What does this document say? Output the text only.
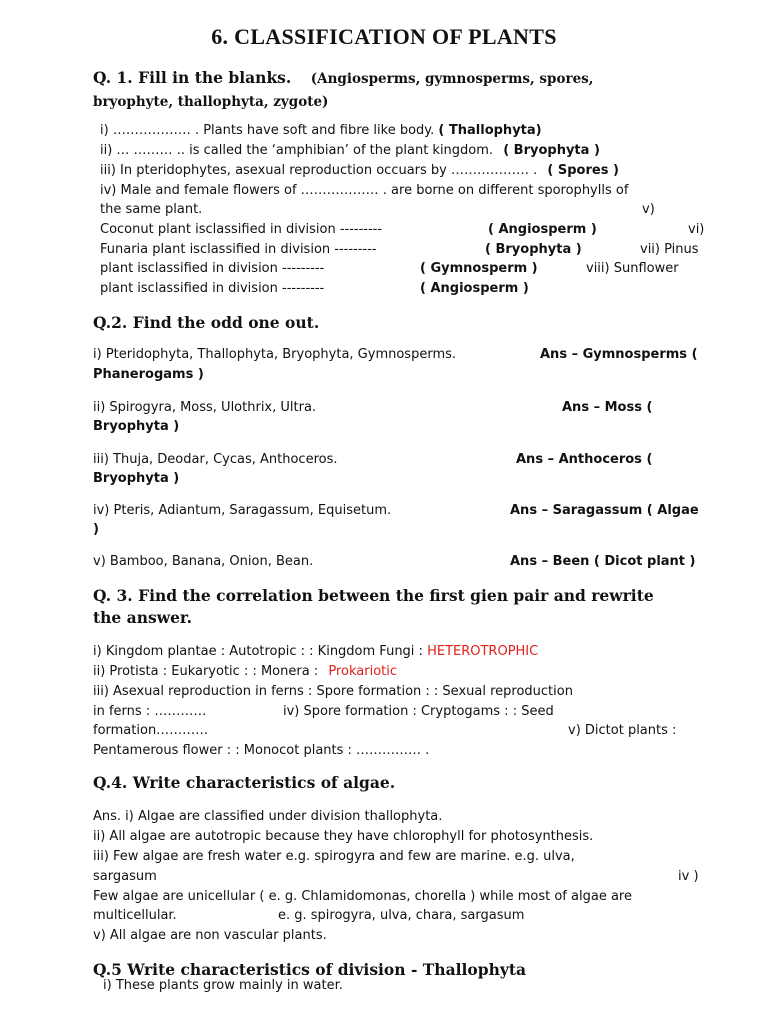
6. CLASSIFICATION OF PLANTS
Q. 1. Fill in the blanks. (Angiosperms, gymnosperms, spores,
bryophyte, thallophyta, zygote)
i) ……………… . Plants have soft and fibre like body. ( Thallophyta)
ii) … ……… .. is called the ‘amphibian’ of the plant kingdom. ( Bryophyta )
iii) In pteridophytes, asexual reproduction occuars by ……………… . ( Spores )
iv) Male and female flowers of ……………… . are borne on different sporophylls of
the same plant.	v)
Coconut plant isclassified in division ---------	( Angiosperm )	vi)
Funaria plant isclassified in division ---------	( Bryophyta )	vii) Pinus
plant isclassified in division ---------	( Gymnosperm )	viii) Sunflower
plant isclassified in division ---------	( Angiosperm )
Q.2. Find the odd one out.
i) Pteridophyta, Thallophyta, Bryophyta, Gymnosperms.	Ans – Gymnosperms (
Phanerogams )
ii) Spirogyra, Moss, Ulothrix, Ultra.	Ans – Moss (
Bryophyta )
iii) Thuja, Deodar, Cycas, Anthoceros.	Ans – Anthoceros (
Bryophyta )
iv) Pteris, Adiantum, Saragassum, Equisetum.	Ans – Saragassum ( Algae
)
v) Bamboo, Banana, Onion, Bean.	Ans – Been ( Dicot plant )
Q. 3. Find the correlation between the first gien pair and rewrite
the answer.
i) Kingdom plantae : Autotropic : : Kingdom Fungi : HETEROTROPHIC
ii) Protista : Eukaryotic : : Monera : Prokariotic
iii) Asexual reproduction in ferns : Spore formation : : Sexual reproduction
in ferns : …………	iv) Spore formation : Cryptogams : : Seed
formation…………	v) Dictot plants :
Pentamerous flower : : Monocot plants : …………… .
Q.4. Write characteristics of algae.
Ans. i) Algae are classified under division thallophyta.
ii) All algae are autotropic because they have chlorophyll for photosynthesis.
iii) Few algae are fresh water e.g. spirogyra and few are marine. e.g. ulva,
sargasum	iv )
Few algae are unicellular ( e. g. Chlamidomonas, chorella ) while most of algae are
multicellular.	e. g. spirogyra, ulva, chara, sargasum
v) All algae are non vascular plants.
Q.5 Write characteristics of division - Thallophyta
i) These plants grow mainly in water.
